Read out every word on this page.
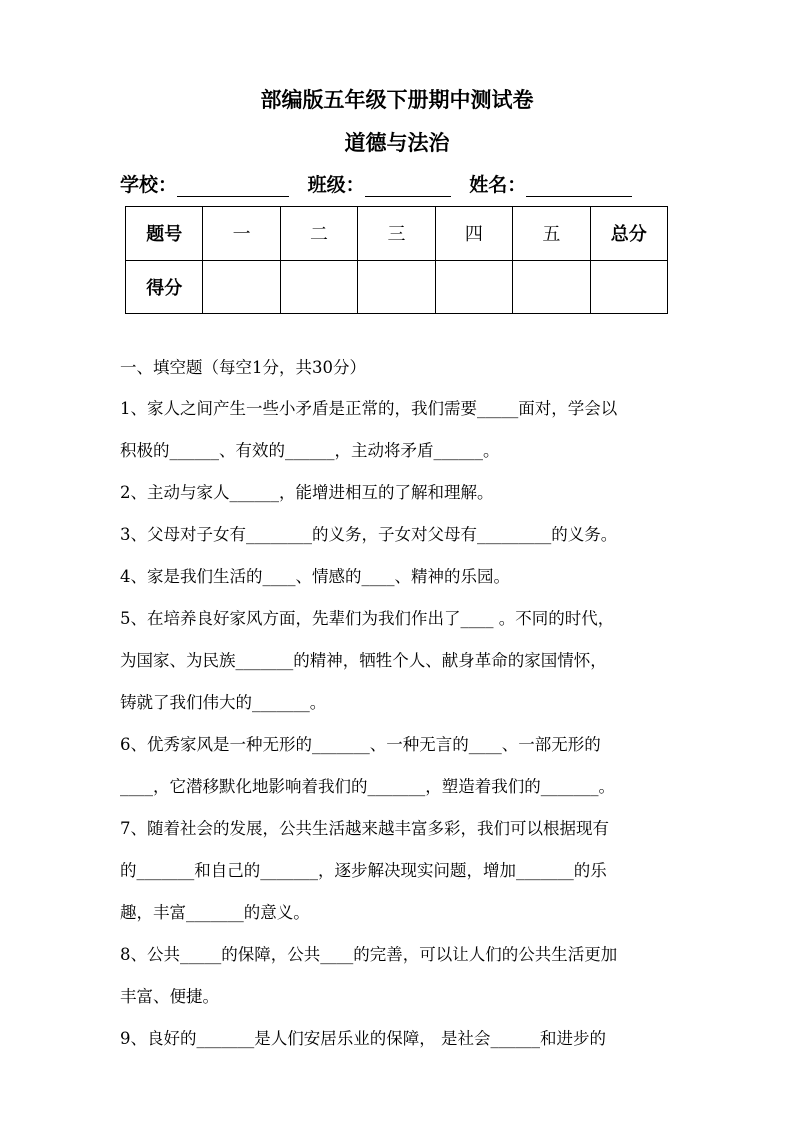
部编版五年级下册期中测试卷
道德与法治
学校：	班级：	姓名：
题号	一	二	三	四	五	总分
得分						
一、填空题（每空1分，共30分）
1、家人之间产生一些小矛盾是正常的，我们需要_____面对，学会以
积极的______、有效的______，主动将矛盾______。
2、主动与家人______，能增进相互的了解和理解。
3、父母对子女有________的义务，子女对父母有_________的义务。
4、家是我们生活的____、情感的____、精神的乐园。
5、在培养良好家风方面，先辈们为我们作出了____ 。不同的时代，
为国家、为民族_______的精神，牺牲个人、献身革命的家国情怀，
铸就了我们伟大的_______。
6、优秀家风是一种无形的_______、一种无言的____、一部无形的
____，它潜移默化地影响着我们的_______，塑造着我们的_______。
7、随着社会的发展，公共生活越来越丰富多彩，我们可以根据现有
的_______和自己的_______，逐步解决现实问题，增加_______的乐
趣，丰富_______的意义。
8、公共_____的保障，公共____的完善，可以让人们的公共生活更加
丰富、便捷。
9、良好的_______是人们安居乐业的保障， 是社会______和进步的
